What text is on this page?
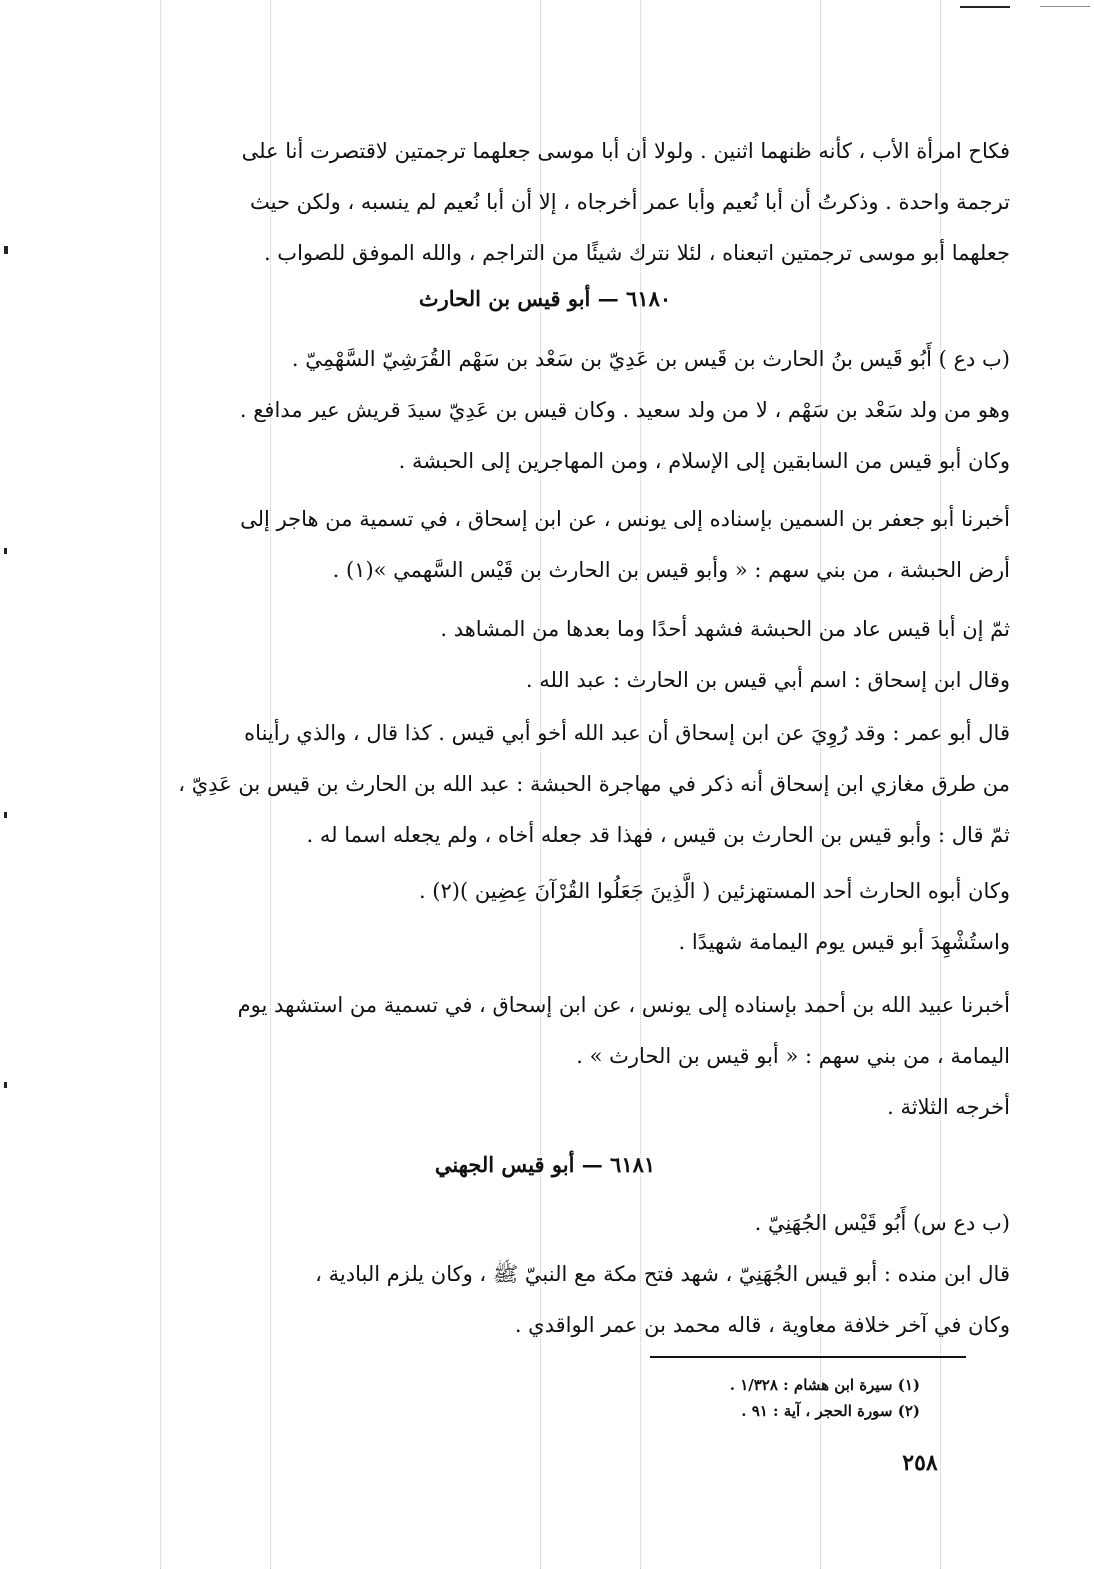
فكاح امرأة الأب ، كأنه ظنهما اثنين . ولولا أن أبا موسى جعلهما ترجمتين لاقتصرت أنا على
ترجمة واحدة . وذكرتُ أن أبا نُعيم وأبا عمر أخرجاه ، إلا أن أبا نُعيم لم ينسبه ، ولكن حيث
جعلهما أبو موسى ترجمتين اتبعناه ، لئلا نترك شيئًا من التراجم ، والله الموفق للصواب .
٦١٨٠ — أبو قيس بن الحارث
(ب دع ) أَبُو قَيس بنُ الحارث بن قَيس بن عَدِيّ بن سَعْد بن سَهْم القُرَشِيّ السَّهْمِيّ .
وهو من ولد سَعْد بن سَهْم ، لا من ولد سعيد . وكان قيس بن عَدِيّ سيدَ قريش عير مدافع .
وكان أبو قيس من السابقين إلى الإسلام ، ومن المهاجرين إلى الحبشة .
أخبرنا أبو جعفر بن السمين بإسناده إلى يونس ، عن ابن إسحاق ، في تسمية من هاجر إلى
أرض الحبشة ، من بني سهم : « وأبو قيس بن الحارث بن قَيْس السَّهمي »(١) .
ثمّ إن أبا قيس عاد من الحبشة فشهد أحدًا وما بعدها من المشاهد .
وقال ابن إسحاق : اسم أبي قيس بن الحارث : عبد الله .
قال أبو عمر : وقد رُوِيَ عن ابن إسحاق أن عبد الله أخو أبي قيس . كذا قال ، والذي رأيناه
من طرق مغازي ابن إسحاق أنه ذكر في مهاجرة الحبشة : عبد الله بن الحارث بن قيس بن عَدِيّ ،
ثمّ قال : وأبو قيس بن الحارث بن قيس ، فهذا قد جعله أخاه ، ولم يجعله اسما له .
وكان أبوه الحارث أحد المستهزئين ( الَّذِينَ جَعَلُوا القُرْآنَ عِضِين )(٢) .
واستُشْهِدَ أبو قيس يوم اليمامة شهيدًا .
أخبرنا عبيد الله بن أحمد بإسناده إلى يونس ، عن ابن إسحاق ، في تسمية من استشهد يوم
اليمامة ، من بني سهم : « أبو قيس بن الحارث » .
أخرجه الثلاثة .
٦١٨١ — أبو قيس الجهني
(ب دع س) أَبُو قَيْس الجُهَنِيّ .
قال ابن منده : أبو قيس الجُهَنِيّ ، شهد فتح مكة مع النبيّ ﷺ ، وكان يلزم البادية ،
وكان في آخر خلافة معاوية ، قاله محمد بن عمر الواقدي .
(١) سيرة ابن هشام : ١/٣٢٨ .
(٢) سورة الحجر ، آية : ٩١ .
٢٥٨
